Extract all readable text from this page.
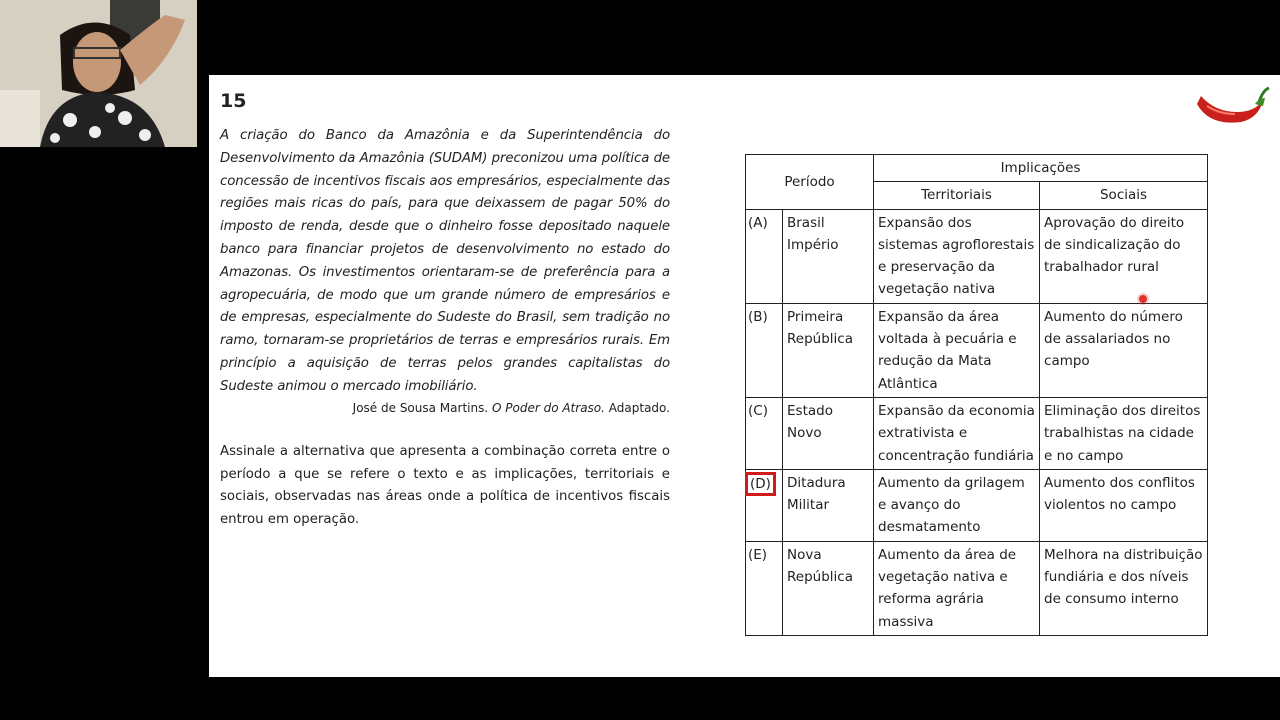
15
A criação do Banco da Amazônia e da Superintendência do Desenvolvimento da Amazônia (SUDAM) preconizou uma política de concessão de incentivos fiscais aos empresários, especialmente das regiões mais ricas do país, para que deixassem de pagar 50% do imposto de renda, desde que o dinheiro fosse depositado naquele banco para financiar projetos de desenvolvimento no estado do Amazonas. Os investimentos orientaram-se de preferência para a agropecuária, de modo que um grande número de empresários e de empresas, especialmente do Sudeste do Brasil, sem tradição no ramo, tornaram-se proprietários de terras e empresários rurais. Em princípio a aquisição de terras pelos grandes capitalistas do Sudeste animou o mercado imobiliário.
José de Sousa Martins. O Poder do Atraso. Adaptado.
Assinale a alternativa que apresenta a combinação correta entre o período a que se refere o texto e as implicações, territoriais e sociais, observadas nas áreas onde a política de incentivos fiscais entrou em operação.
Período		Implicações	
		Territoriais	Sociais
(A)	Brasil Império	Expansão dos sistemas agroflorestais e preservação da vegetação nativa	Aprovação do direito de sindicalização do trabalhador rural
(B)	Primeira República	Expansão da área voltada à pecuária e redução da Mata Atlântica	Aumento do número de assalariados no campo
(C)	Estado Novo	Expansão da economia extrativista e concentração fundiária	Eliminação dos direitos trabalhistas na cidade e no campo
(D)	Ditadura Militar	Aumento da grilagem e avanço do desmatamento	Aumento dos conflitos violentos no campo
(E)	Nova República	Aumento da área de vegetação nativa e reforma agrária massiva	Melhora na distribuição fundiária e dos níveis de consumo interno
